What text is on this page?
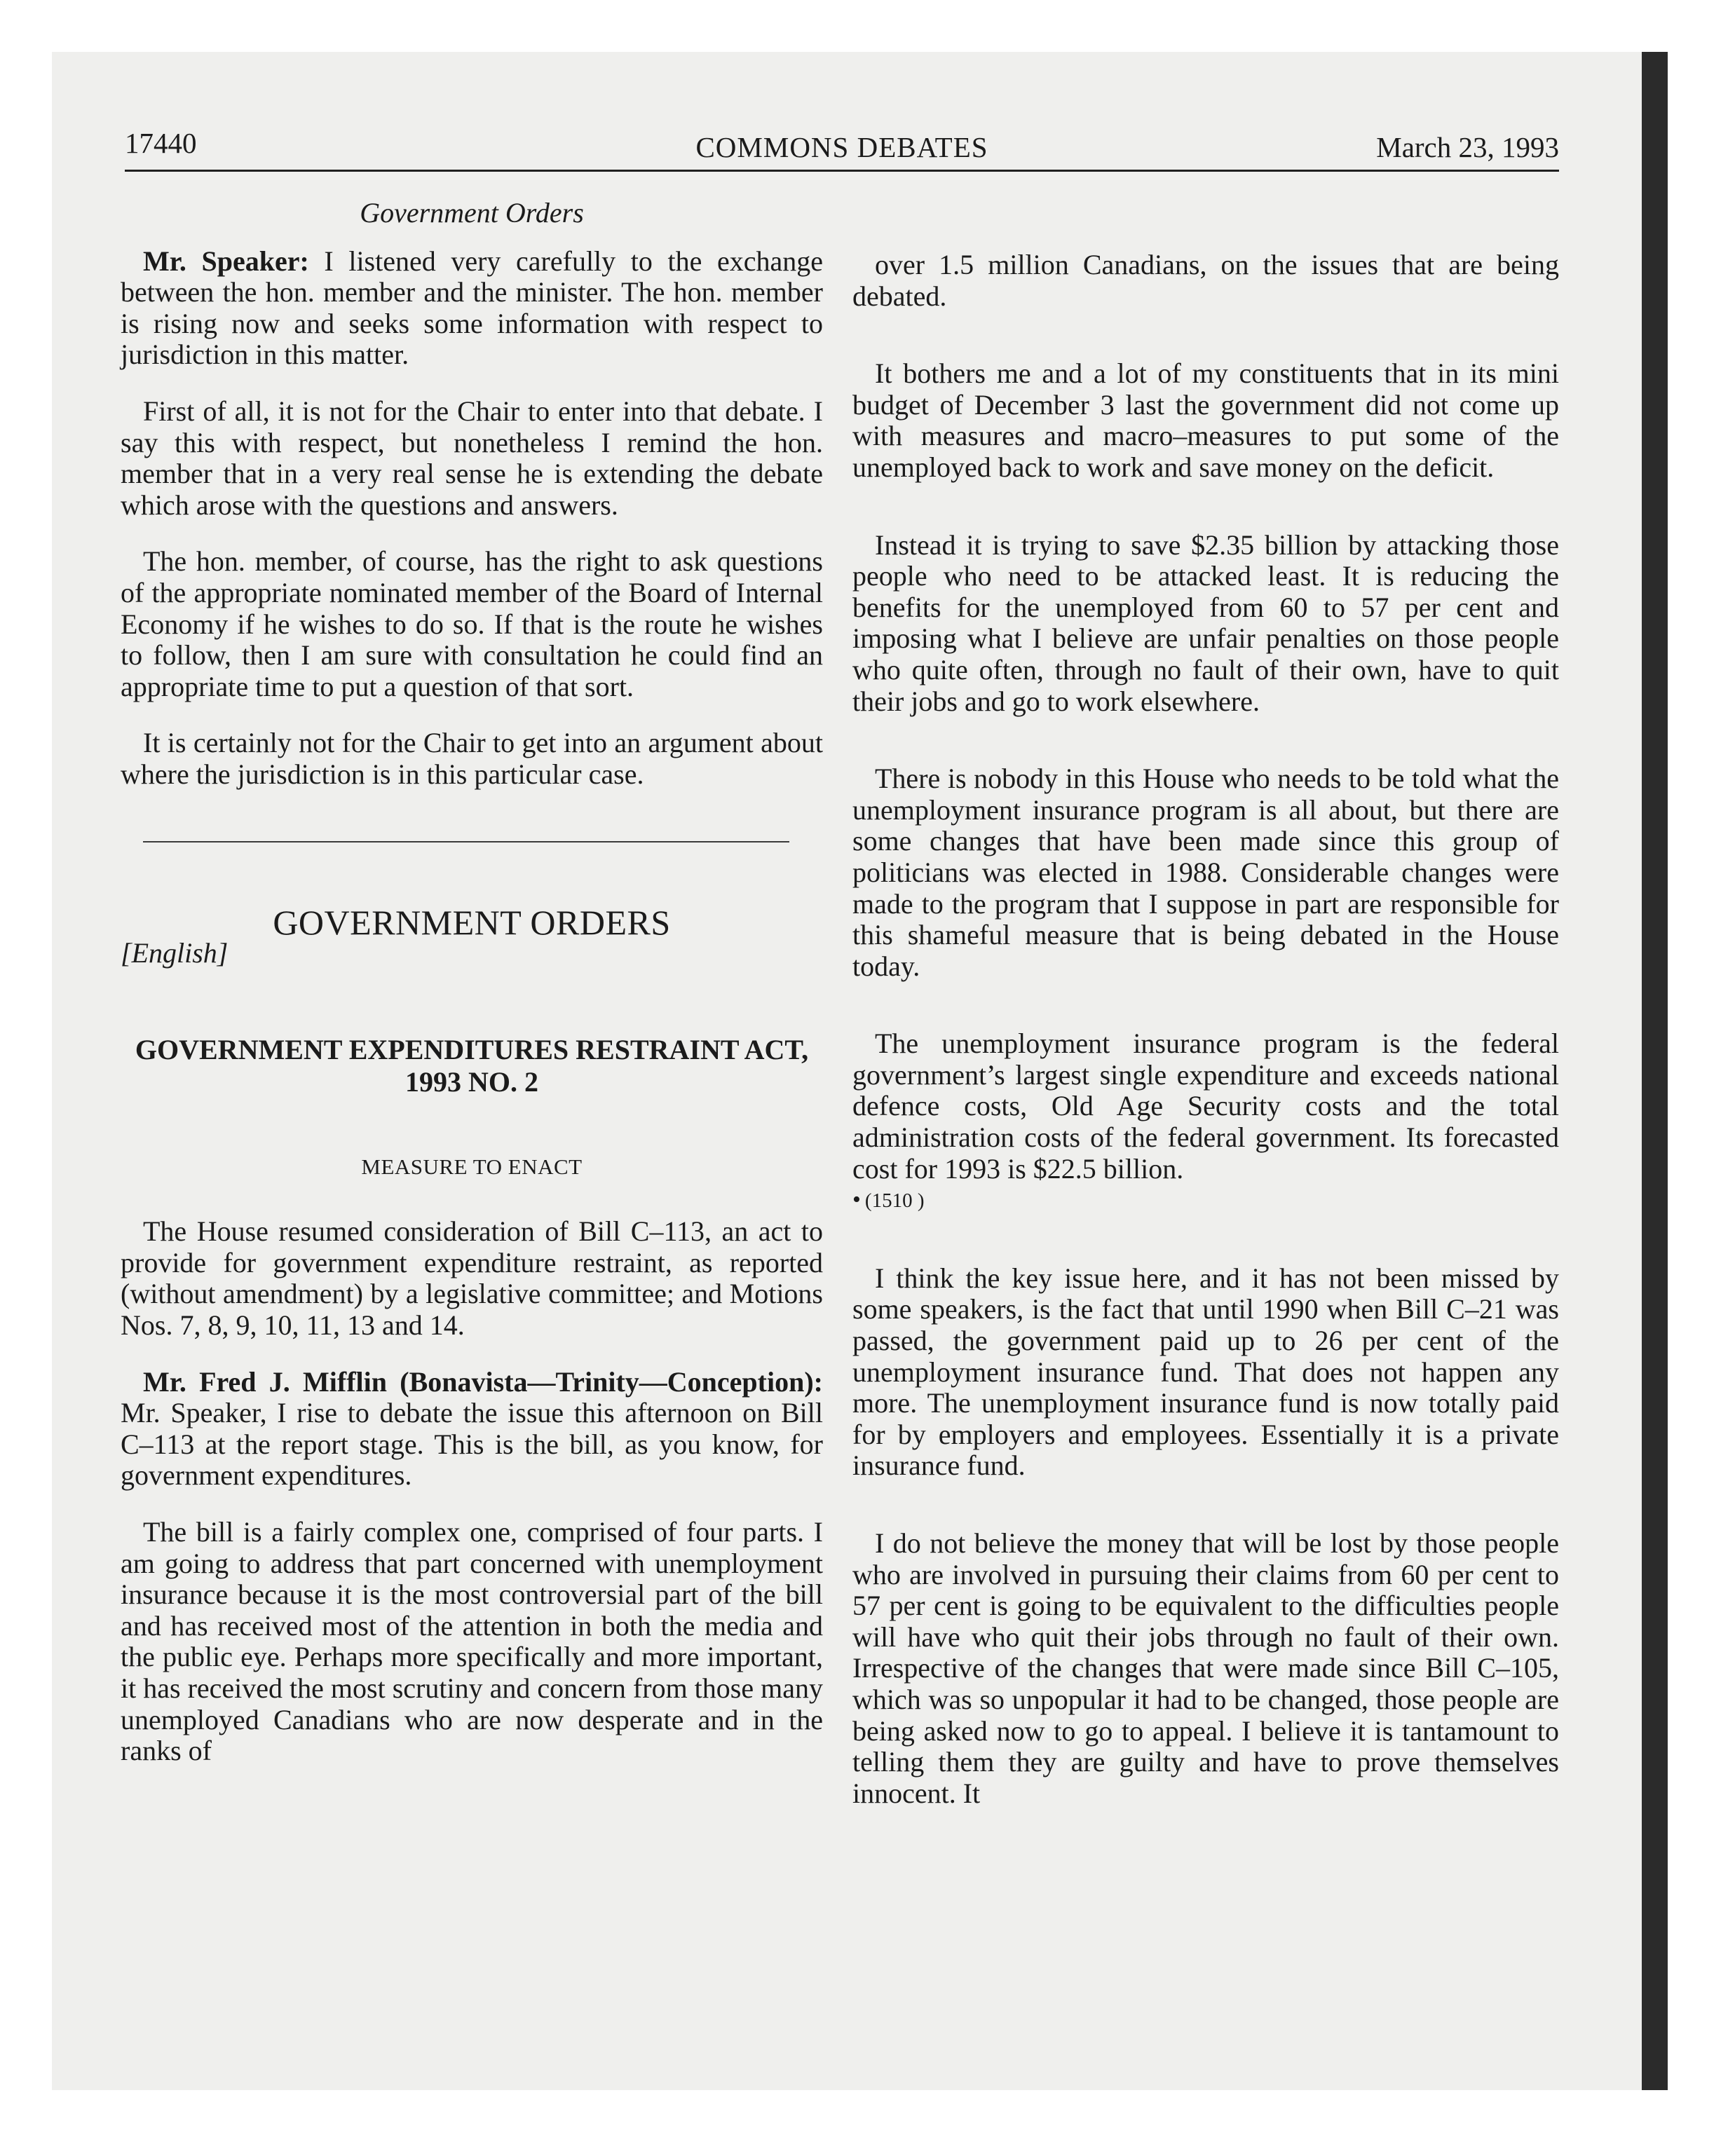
17440	COMMONS DEBATES	March 23, 1993
Government Orders

Mr. Speaker: I listened very carefully to the exchange between the hon. member and the minister. The hon. member is rising now and seeks some information with respect to jurisdiction in this matter.

First of all, it is not for the Chair to enter into that debate. I say this with respect, but nonetheless I remind the hon. member that in a very real sense he is extending the debate which arose with the questions and answers.

The hon. member, of course, has the right to ask questions of the appropriate nominated member of the Board of Internal Economy if he wishes to do so. If that is the route he wishes to follow, then I am sure with consultation he could find an appropriate time to put a question of that sort.

It is certainly not for the Chair to get into an argument about where the jurisdiction is in this particular case.

GOVERNMENT ORDERS

[English]

GOVERNMENT EXPENDITURES RESTRAINT ACT,
1993 NO. 2
MEASURE TO ENACT

The House resumed consideration of Bill C–113, an act to provide for government expenditure restraint, as reported (without amendment) by a legislative committee; and Motions Nos. 7, 8, 9, 10, 11, 13 and 14.

Mr. Fred J. Mifflin (Bonavista—Trinity—Conception): Mr. Speaker, I rise to debate the issue this afternoon on Bill C–113 at the report stage. This is the bill, as you know, for government expenditures.

The bill is a fairly complex one, comprised of four parts. I am going to address that part concerned with unemployment insurance because it is the most controversial part of the bill and has received most of the attention in both the media and the public eye. Perhaps more specifically and more important, it has received the most scrutiny and concern from those many unemployed Canadians who are now desperate and in the ranks of

over 1.5 million Canadians, on the issues that are being debated.

It bothers me and a lot of my constituents that in its mini budget of December 3 last the government did not come up with measures and macro–measures to put some of the unemployed back to work and save money on the deficit.

Instead it is trying to save $2.35 billion by attacking those people who need to be attacked least. It is reducing the benefits for the unemployed from 60 to 57 per cent and imposing what I believe are unfair penalties on those people who quite often, through no fault of their own, have to quit their jobs and go to work elsewhere.

There is nobody in this House who needs to be told what the unemployment insurance program is all about, but there are some changes that have been made since this group of politicians was elected in 1988. Considerable changes were made to the program that I suppose in part are responsible for this shameful measure that is being debated in the House today.

The unemployment insurance program is the federal government’s largest single expenditure and exceeds national defence costs, Old Age Security costs and the total administration costs of the federal government. Its forecasted cost for 1993 is $22.5 billion.

• (1510 )

I think the key issue here, and it has not been missed by some speakers, is the fact that until 1990 when Bill C–21 was passed, the government paid up to 26 per cent of the unemployment insurance fund. That does not happen any more. The unemployment insurance fund is now totally paid for by employers and employees. Essentially it is a private insurance fund.

I do not believe the money that will be lost by those people who are involved in pursuing their claims from 60 per cent to 57 per cent is going to be equivalent to the difficulties people will have who quit their jobs through no fault of their own. Irrespective of the changes that were made since Bill C–105, which was so unpopular it had to be changed, those people are being asked now to go to appeal. I believe it is tantamount to telling them they are guilty and have to prove themselves innocent. It
